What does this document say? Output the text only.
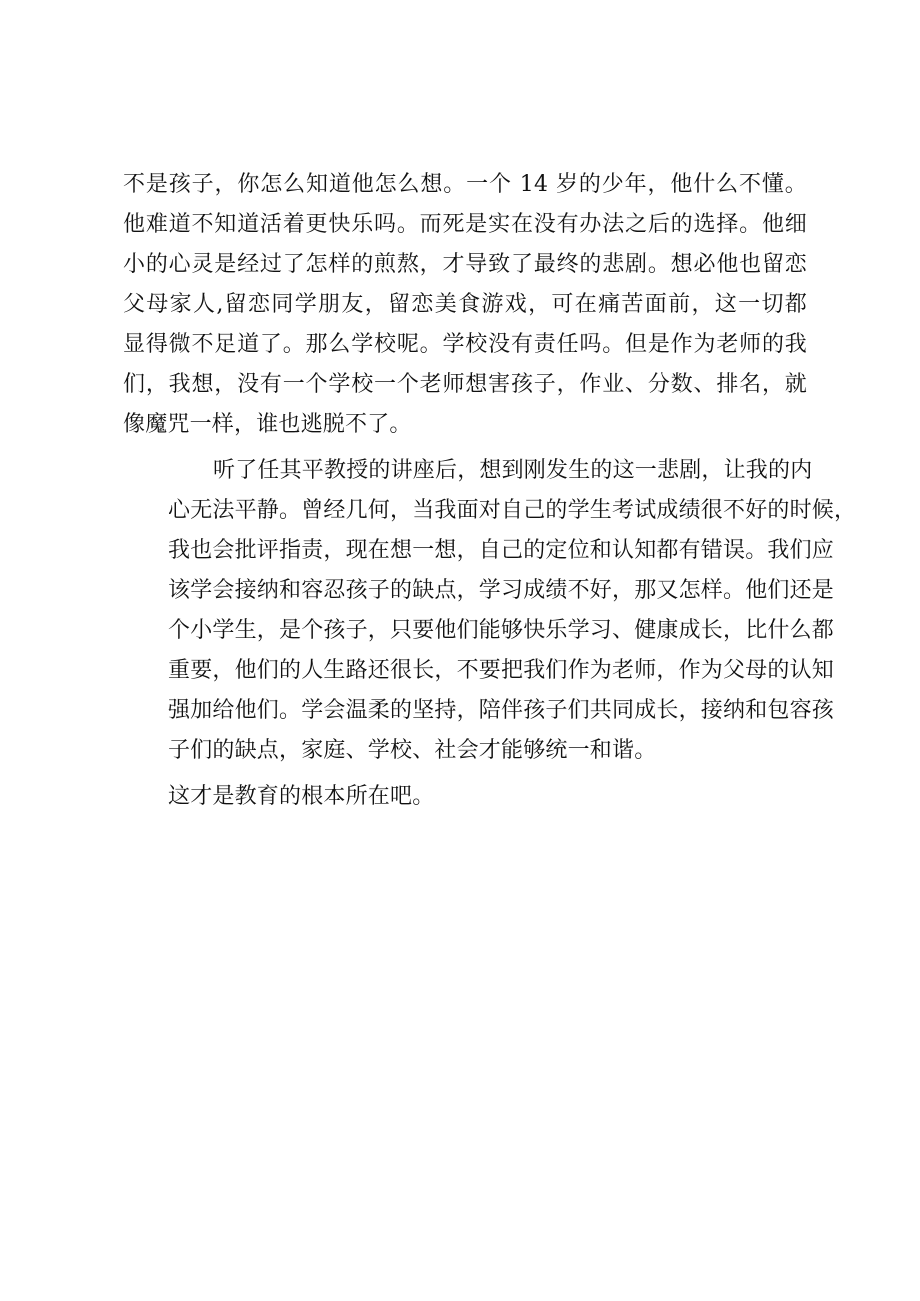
不是孩子，你怎么知道他怎么想。一个 14 岁的少年，他什么不懂。
他难道不知道活着更快乐吗。而死是实在没有办法之后的选择。他细
小的心灵是经过了怎样的煎熬，才导致了最终的悲剧。想必他也留恋
父母家人,留恋同学朋友，留恋美食游戏，可在痛苦面前，这一切都
显得微不足道了。那么学校呢。学校没有责任吗。但是作为老师的我
们，我想，没有一个学校一个老师想害孩子，作业、分数、排名，就
像魔咒一样，谁也逃脱不了。
听了任其平教授的讲座后，想到刚发生的这一悲剧，让我的内
心无法平静。曾经几何，当我面对自己的学生考试成绩很不好的时候，
我也会批评指责，现在想一想，自己的定位和认知都有错误。我们应
该学会接纳和容忍孩子的缺点，学习成绩不好，那又怎样。他们还是
个小学生，是个孩子，只要他们能够快乐学习、健康成长，比什么都
重要，他们的人生路还很长，不要把我们作为老师，作为父母的认知
强加给他们。学会温柔的坚持，陪伴孩子们共同成长，接纳和包容孩
子们的缺点，家庭、学校、社会才能够统一和谐。
这才是教育的根本所在吧。
